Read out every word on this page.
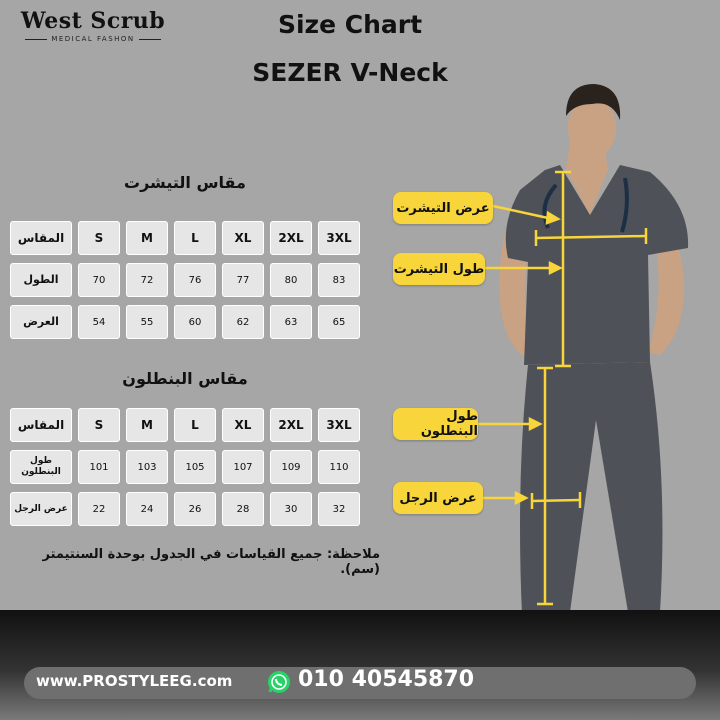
West Scrub
MEDICAL FASHON	Size Chart
SEZER V-Neck
مقاس التيشرت
المقاس	S	M	L	XL	2XL	3XL
الطول	70	72	76	77	80	83
العرض	54	55	60	62	63	65
مقاس البنطلون
المقاس	S	M	L	XL	2XL	3XL
طول البنطلون	101	103	105	107	109	110
عرض الرجل	22	24	26	28	30	32
ملاحظة: جميع القياسات في الجدول بوحدة السنتيمتر (سم).
عرض التيشرت
طول التيشرت
طول البنطلون
عرض الرجل
www.PROSTYLEEG.com	010 40545870
